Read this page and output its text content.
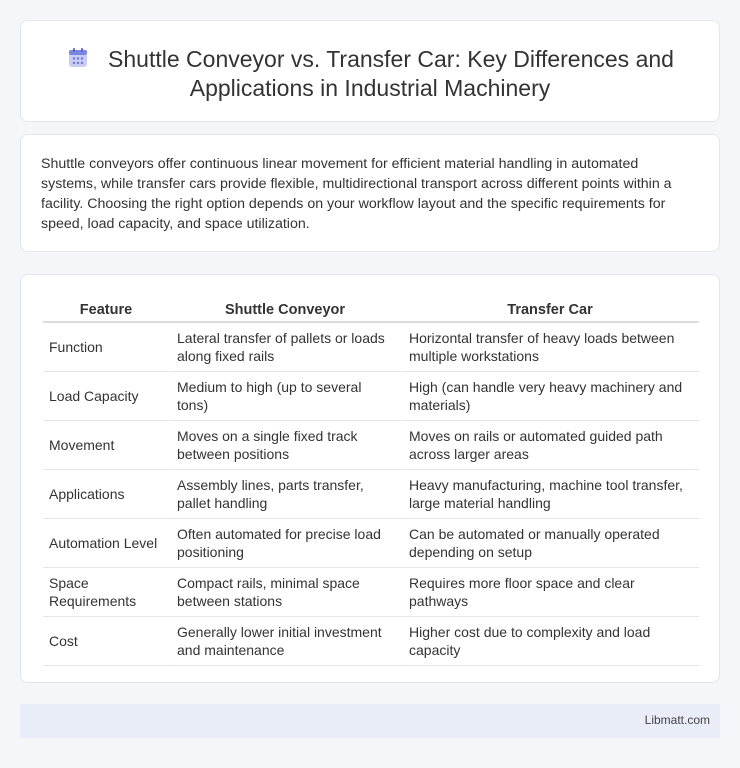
Shuttle Conveyor vs. Transfer Car: Key Differences and Applications in Industrial Machinery

Shuttle conveyors offer continuous linear movement for efficient material handling in automated systems, while transfer cars provide flexible, multidirectional transport across different points within a facility. Choosing the right option depends on your workflow layout and the specific requirements for speed, load capacity, and space utilization.

Feature	Shuttle Conveyor	Transfer Car
Function	Lateral transfer of pallets or loads along fixed rails	Horizontal transfer of heavy loads between multiple workstations
Load Capacity	Medium to high (up to several tons)	High (can handle very heavy machinery and materials)
Movement	Moves on a single fixed track between positions	Moves on rails or automated guided path across larger areas
Applications	Assembly lines, parts transfer, pallet handling	Heavy manufacturing, machine tool transfer, large material handling
Automation Level	Often automated for precise load positioning	Can be automated or manually operated depending on setup
Space Requirements	Compact rails, minimal space between stations	Requires more floor space and clear pathways
Cost	Generally lower initial investment and maintenance	Higher cost due to complexity and load capacity
Libmatt.com
